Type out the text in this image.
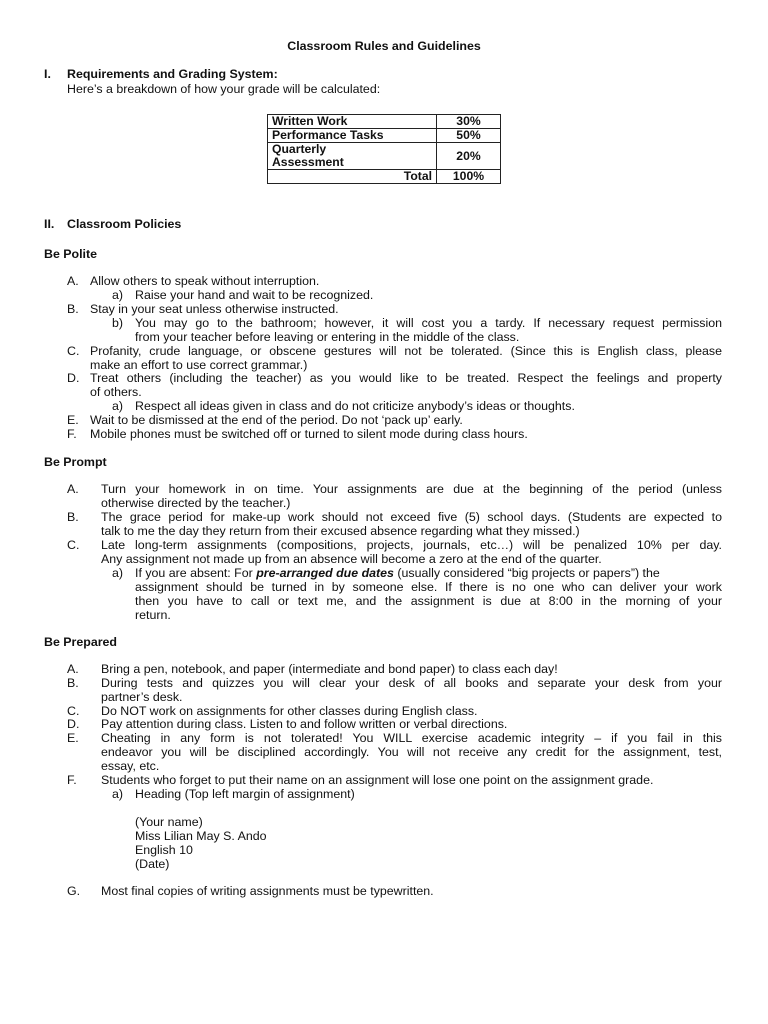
Classroom Rules and Guidelines
I. Requirements and Grading System:
Here’s a breakdown of how your grade will be calculated:
Written Work	30%
Performance Tasks	50%
Quarterly
Assessment	20%
Total	100%
II. Classroom Policies
Be Polite
A. Allow others to speak without interruption.
a) Raise your hand and wait to be recognized.
B. Stay in your seat unless otherwise instructed.
b) You may go to the bathroom; however, it will cost you a tardy. If necessary request permission
from your teacher before leaving or entering in the middle of the class.
C. Profanity, crude language, or obscene gestures will not be tolerated. (Since this is English class, please
make an effort to use correct grammar.)
D. Treat others (including the teacher) as you would like to be treated. Respect the feelings and property
of others.
a) Respect all ideas given in class and do not criticize anybody’s ideas or thoughts.
E. Wait to be dismissed at the end of the period. Do not ‘pack up’ early.
F. Mobile phones must be switched off or turned to silent mode during class hours.
Be Prompt
A. Turn your homework in on time. Your assignments are due at the beginning of the period (unless
otherwise directed by the teacher.)
B. The grace period for make-up work should not exceed five (5) school days. (Students are expected to
talk to me the day they return from their excused absence regarding what they missed.)
C. Late long-term assignments (compositions, projects, journals, etc…) will be penalized 10% per day.
Any assignment not made up from an absence will become a zero at the end of the quarter.
a) If you are absent: For pre-arranged due dates (usually considered “big projects or papers”) the
assignment should be turned in by someone else. If there is no one who can deliver your work
then you have to call or text me, and the assignment is due at 8:00 in the morning of your
return.
Be Prepared
A. Bring a pen, notebook, and paper (intermediate and bond paper) to class each day!
B. During tests and quizzes you will clear your desk of all books and separate your desk from your
partner’s desk.
C. Do NOT work on assignments for other classes during English class.
D. Pay attention during class. Listen to and follow written or verbal directions.
E. Cheating in any form is not tolerated! You WILL exercise academic integrity – if you fail in this
endeavor you will be disciplined accordingly. You will not receive any credit for the assignment, test,
essay, etc.
F. Students who forget to put their name on an assignment will lose one point on the assignment grade.
a) Heading (Top left margin of assignment)
(Your name)
Miss Lilian May S. Ando
English 10
(Date)
G. Most final copies of writing assignments must be typewritten.
